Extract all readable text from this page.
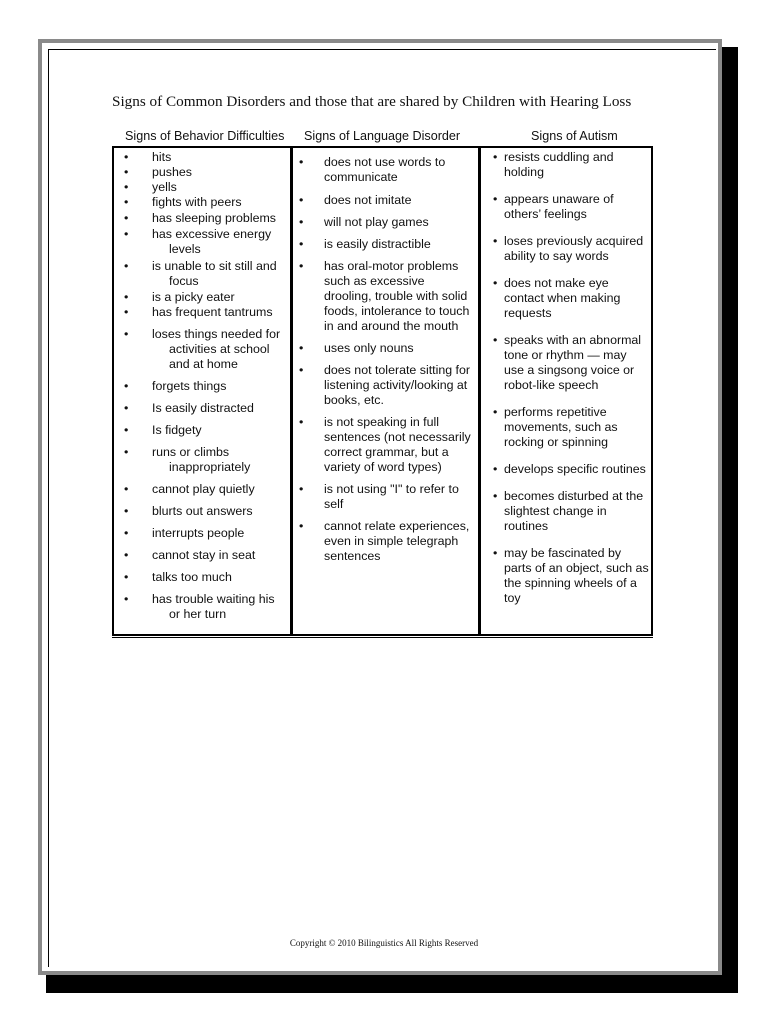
Signs of Common Disorders and those that are shared by Children with Hearing Loss
Signs of Behavior Difficulties Signs of Language Disorder	Signs of Autism
• hits
• pushes
• yells
• fights with peers
• has sleeping problems
• has excessive energy
levels
• is unable to sit still and
focus
• is a picky eater
• has frequent tantrums
• loses things needed for
activities at school
and at home
• forgets things
• Is easily distracted
• Is fidgety
• runs or climbs
inappropriately
• cannot play quietly
• blurts out answers
• interrupts people
• cannot stay in seat
• talks too much
• has trouble waiting his
or her turn
• does not use words to communicate
• does not imitate
• will not play games
• is easily distractible
• has oral-motor problems such as excessive drooling, trouble with solid foods, intolerance to touch in and around the mouth
• uses only nouns
• does not tolerate sitting for listening activity/looking at books, etc.
• is not speaking in full sentences (not necessarily correct grammar, but a variety of word types)
• is not using "I" to refer to self
• cannot relate experiences, even in simple telegraph sentences
• resists cuddling and holding
• appears unaware of others’ feelings
• loses previously acquired ability to say words
• does not make eye contact when making requests
• speaks with an abnormal tone or rhythm — may use a singsong voice or robot-like speech
• performs repetitive movements, such as rocking or spinning
• develops specific routines
• becomes disturbed at the slightest change in routines
• may be fascinated by parts of an object, such as the spinning wheels of a toy
Copyright © 2010 Bilinguistics All Rights Reserved
